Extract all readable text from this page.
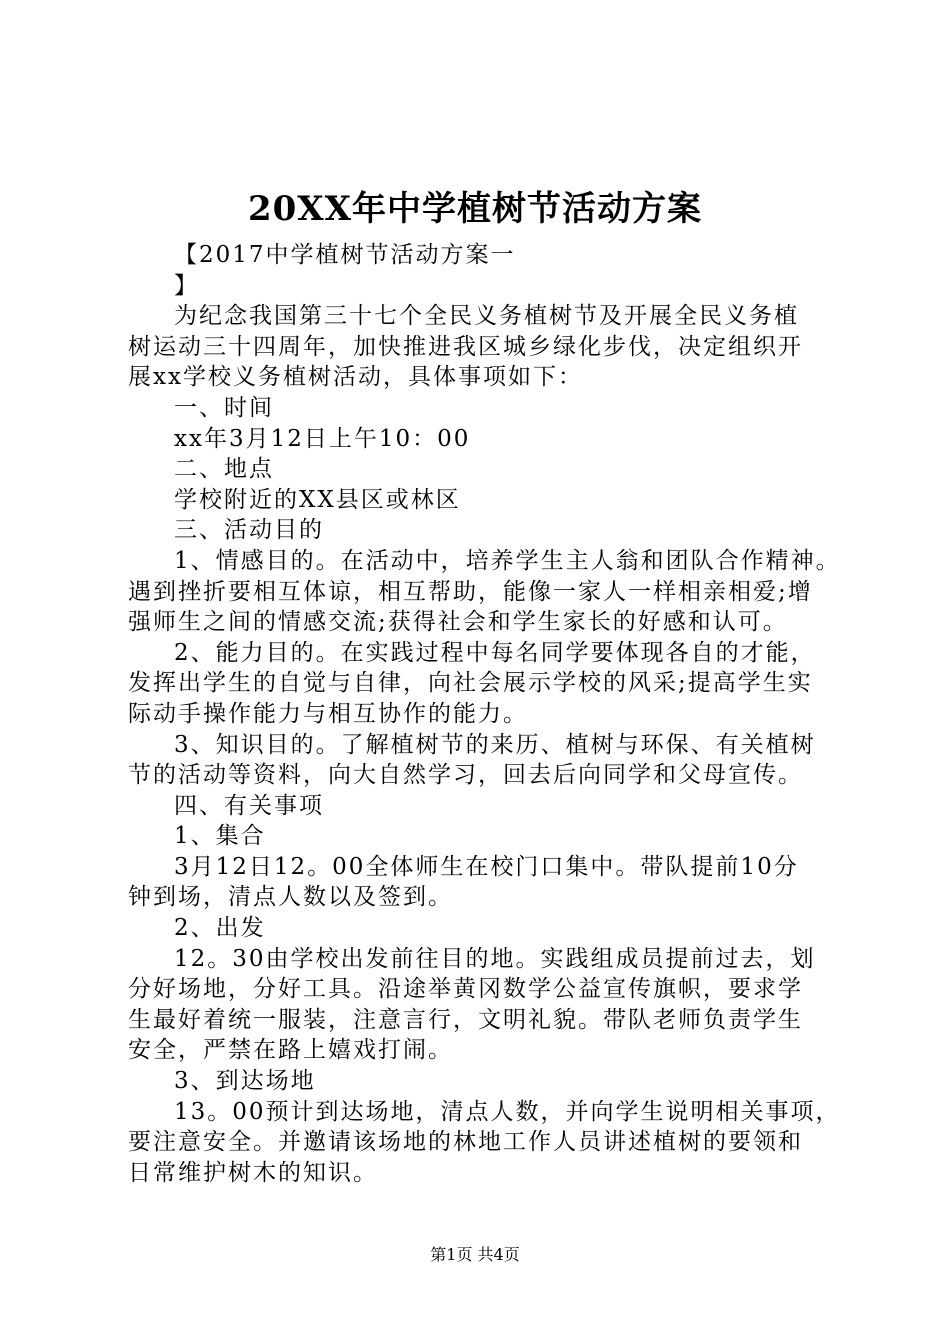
20XX年中学植树节活动方案
【2017中学植树节活动方案一
】
为纪念我国第三十七个全民义务植树节及开展全民义务植
树运动三十四周年，加快推进我区城乡绿化步伐，决定组织开
展xx学校义务植树活动，具体事项如下：
一、时间
xx年3月12日上午10：00
二、地点
学校附近的XX县区或林区
三、活动目的
1、情感目的。在活动中，培养学生主人翁和团队合作精神。
遇到挫折要相互体谅，相互帮助，能像一家人一样相亲相爱;增
强师生之间的情感交流;获得社会和学生家长的好感和认可。
2、能力目的。在实践过程中每名同学要体现各自的才能，
发挥出学生的自觉与自律，向社会展示学校的风采;提高学生实
际动手操作能力与相互协作的能力。
3、知识目的。了解植树节的来历、植树与环保、有关植树
节的活动等资料，向大自然学习，回去后向同学和父母宣传。
四、有关事项
1、集合
3月12日12。00全体师生在校门口集中。带队提前10分
钟到场，清点人数以及签到。
2、出发
12。30由学校出发前往目的地。实践组成员提前过去，划
分好场地，分好工具。沿途举黄冈数学公益宣传旗帜，要求学
生最好着统一服装，注意言行，文明礼貌。带队老师负责学生
安全，严禁在路上嬉戏打闹。
3、到达场地
13。00预计到达场地，清点人数，并向学生说明相关事项，
要注意安全。并邀请该场地的林地工作人员讲述植树的要领和
日常维护树木的知识。
第1页 共4页
